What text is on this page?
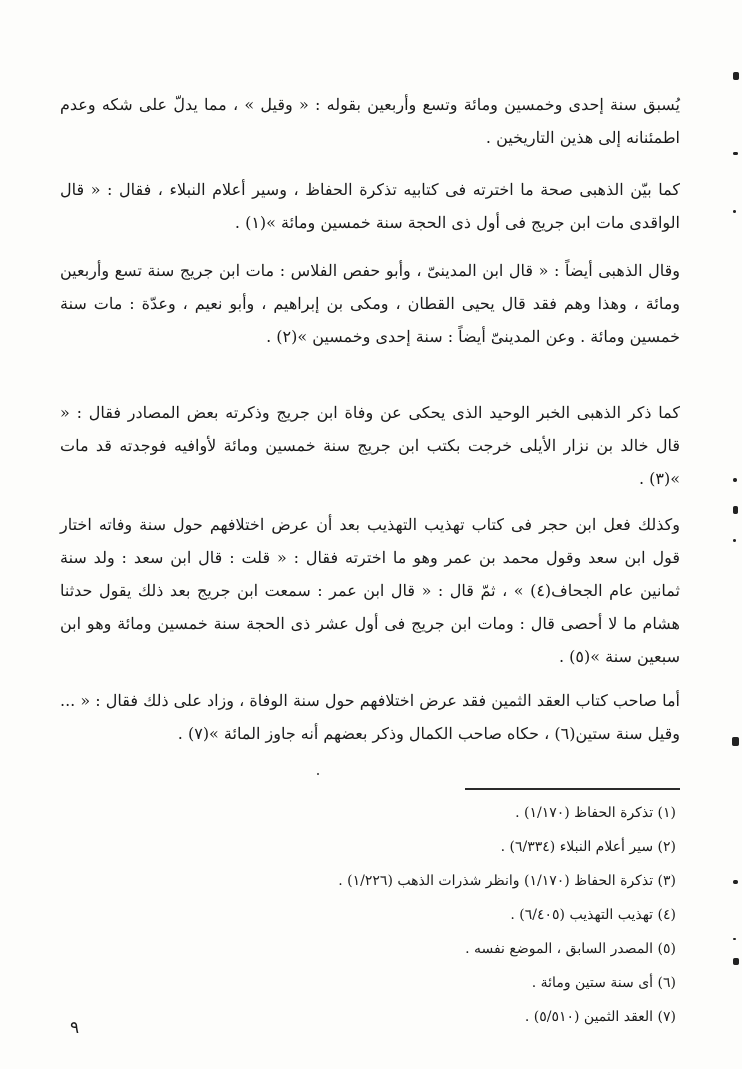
يُسبق سنة إحدى وخمسين ومائة وتسع وأربعين بقوله : « وقيل » ، مما يدلّ على شكه وعدم اطمئنانه إلى هذين التاريخين .

كما بيّن الذهبى صحة ما اخترته فى كتابيه تذكرة الحفاظ ، وسير أعلام النبلاء ، فقال : « قال الواقدى مات ابن جريج فى أول ذى الحجة سنة خمسين ومائة »(١) .

وقال الذهبى أيضاً : « قال ابن المدينىّ ، وأبو حفص الفلاس : مات ابن جريج سنة تسع وأربعين ومائة ، وهذا وهم فقد قال يحيى القطان ، ومكى بن إبراهيم ، وأبو نعيم ، وعدّة : مات سنة خمسين ومائة . وعن المدينىّ أيضاً : سنة إحدى وخمسين »(٢) .

كما ذكر الذهبى الخبر الوحيد الذى يحكى عن وفاة ابن جريج وذكرته بعض المصادر فقال : « قال خالد بن نزار الأيلى خرجت بكتب ابن جريج سنة خمسين ومائة لأوافيه فوجدته قد مات »(٣) .

وكذلك فعل ابن حجر فى كتاب تهذيب التهذيب بعد أن عرض اختلافهم حول سنة وفاته اختار قول ابن سعد وقول محمد بن عمر وهو ما اخترته فقال : « قلت : قال ابن سعد : ولد سنة ثمانين عام الجحاف(٤) » ، ثمّ قال : « قال ابن عمر : سمعت ابن جريج بعد ذلك يقول حدثنا هشام ما لا أحصى قال : ومات ابن جريج فى أول عشر ذى الحجة سنة خمسين ومائة وهو ابن سبعين سنة »(٥) .

أما صاحب كتاب العقد الثمين فقد عرض اختلافهم حول سنة الوفاة ، وزاد على ذلك فقال : « ... وقيل سنة ستين(٦) ، حكاه صاحب الكمال وذكر بعضهم أنه جاوز المائة »(٧) .

(١) تذكرة الحفاظ (١/١٧٠) .
(٢) سير أعلام النبلاء (٦/٣٣٤) .
(٣) تذكرة الحفاظ (١/١٧٠) وانظر شذرات الذهب (١/٢٢٦) .
(٤) تهذيب التهذيب (٦/٤٠٥) .
(٥) المصدر السابق ، الموضع نفسه .
(٦) أى سنة ستين ومائة .
(٧) العقد الثمين (٥/٥١٠) .
٩
